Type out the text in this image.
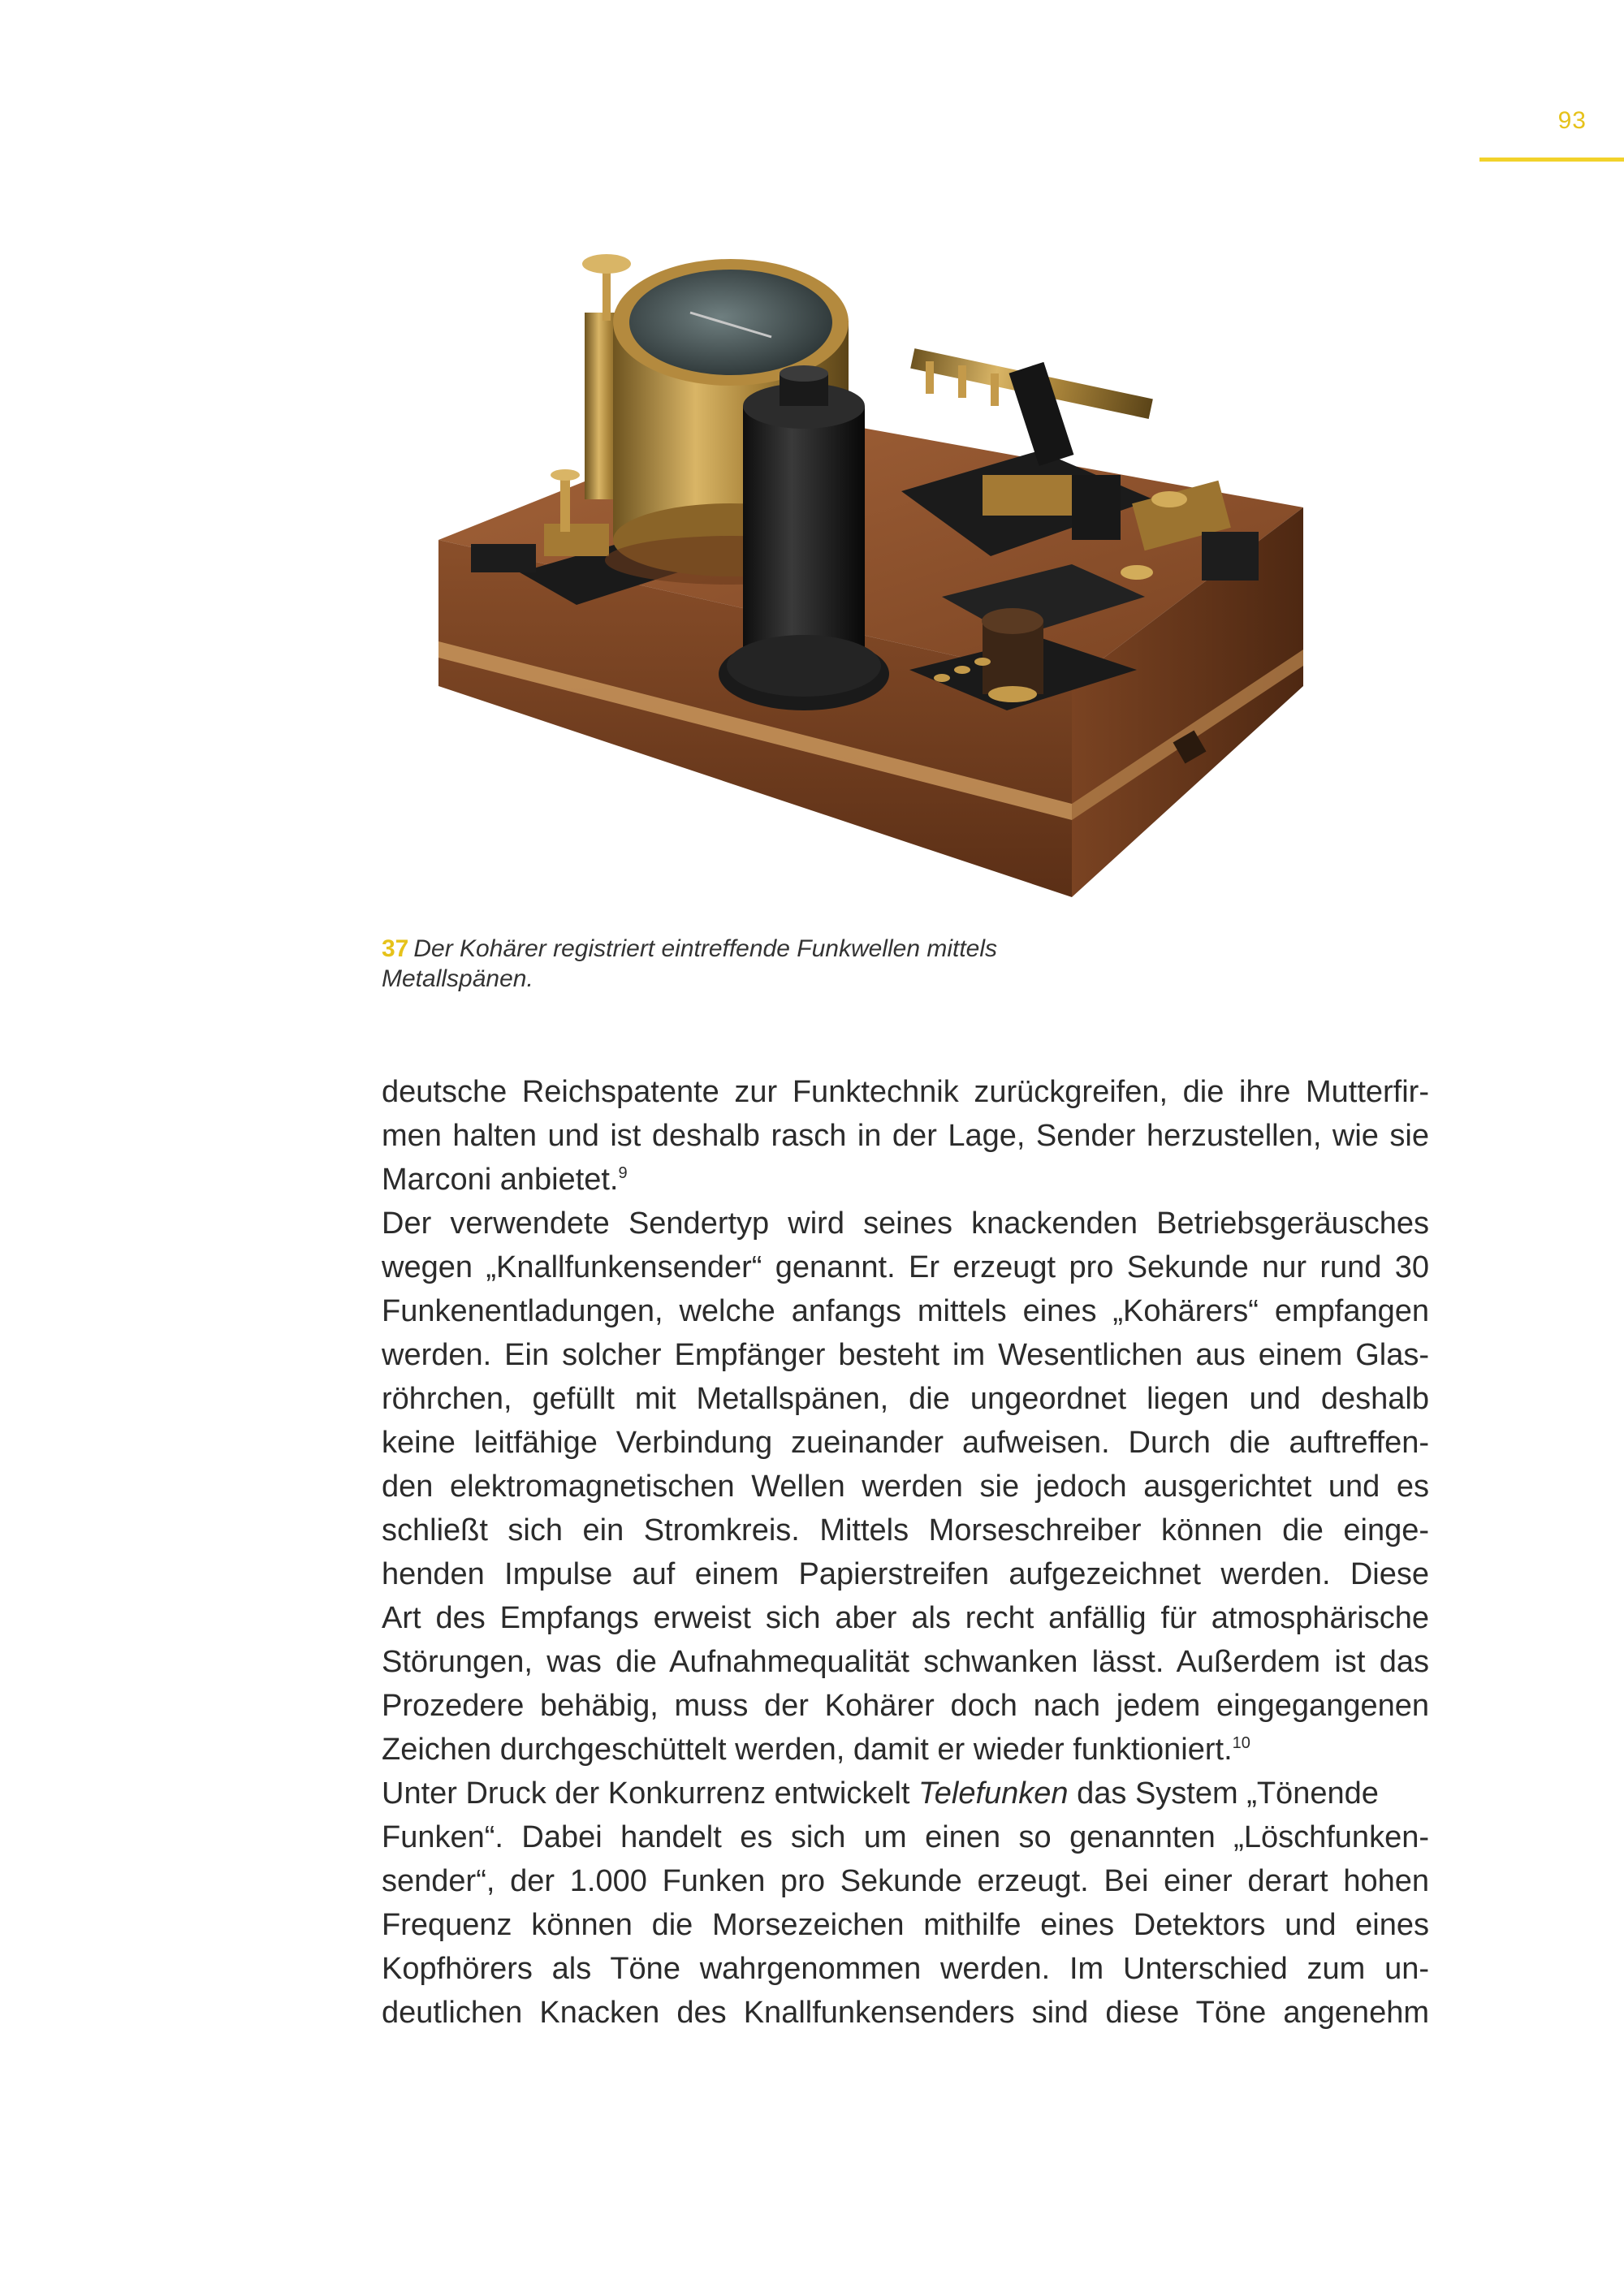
93
37 Der Kohärer registriert eintreffende Funkwellen mittels
Metallspänen.
deutsche Reichspatente zur Funktechnik zurückgreifen, die ihre Mutterfir-
men halten und ist deshalb rasch in der Lage, Sender herzustellen, wie sie
Marconi anbietet.$^9$
Der verwendete Sendertyp wird seines knackenden Betriebsgeräusches
wegen „Knallfunkensender“ genannt. Er erzeugt pro Sekunde nur rund 30
Funkenentladungen, welche anfangs mittels eines „Kohärers“ empfangen
werden. Ein solcher Empfänger besteht im Wesentlichen aus einem Glas-
röhrchen, gefüllt mit Metallspänen, die ungeordnet liegen und deshalb
keine leitfähige Verbindung zueinander aufweisen. Durch die auftreffen-
den elektromagnetischen Wellen werden sie jedoch ausgerichtet und es
schließt sich ein Stromkreis. Mittels Morseschreiber können die einge-
henden Impulse auf einem Papierstreifen aufgezeichnet werden. Diese
Art des Empfangs erweist sich aber als recht anfällig für atmosphärische
Störungen, was die Aufnahmequalität schwanken lässt. Außerdem ist das
Prozedere behäbig, muss der Kohärer doch nach jedem eingegangenen
Zeichen durchgeschüttelt werden, damit er wieder funktioniert.$^{10}$
Unter Druck der Konkurrenz entwickelt Telefunken das System „Tönende
Funken“. Dabei handelt es sich um einen so genannten „Löschfunken-
sender“, der 1.000 Funken pro Sekunde erzeugt. Bei einer derart hohen
Frequenz können die Morsezeichen mithilfe eines Detektors und eines
Kopfhörers als Töne wahrgenommen werden. Im Unterschied zum un-
deutlichen Knacken des Knallfunkensenders sind diese Töne angenehm
